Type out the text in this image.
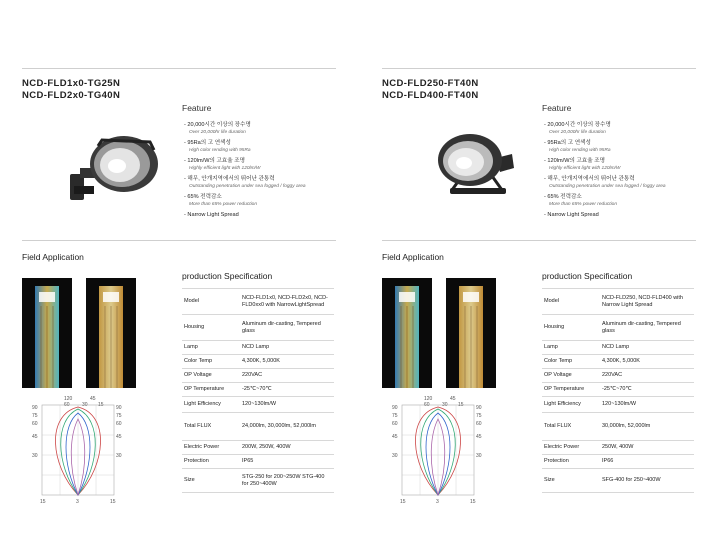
NCD-FLD1x0-TG25N
NCD-FLD2x0-TG40N
Feature
- 20,000시간 이상의 장수명
Over 20,000hr life duration
- 95Ra의 고 연색성
High color rending with 95Ra
- 120lm/W의 고효율 조명
Highly efficient light with 120lm/W
- 해무, 안개지역에서의 뛰어난 관통력
Outstanding penetration under sea fogged / foggy area
- 65% 전력감소
More than 65% power reduction
- Narrow Light Spread
Field Application
120	45
60 30 15
90
75
60
45
30
90
75
60
45
30
15	3	15
production Specification
Model	NCD-FLD1x0, NCD-FLD2x0, NCD-FLD0xx0 with NarrowLightSpread
Housing	Aluminum dir-casting, Tempered glass
Lamp	NCD Lamp
Color Temp	4,300K, 5,000K
OP Voltage	220VAC
OP Temperature	-25℃~70℃
Light Efficiency	120~130lm/W
Total FLUX	24,000lm, 30,000lm, 52,000lm
Electric Power	200W, 250W, 400W
Protection	IP65
Size	STG-250 for 200~250W STG-400 for 250~400W
NCD-FLD250-FT40N
NCD-FLD400-FT40N
Feature
- 20,000시간 이상의 장수명
Over 20,000hr life duration
- 95Ra의 고 연색성
High color rending with 95Ra
- 120lm/W의 고효율 조명
Highly efficient light with 120lm/W
- 해무, 안개지역에서의 뛰어난 관통력
Outstanding penetration under sea fogged / foggy area
- 65% 전력감소
More than 65% power reduction
- Narrow Light Spread
Field Application
120	45
60 30 15
90
75
60
45
30
90
75
60
45
30
15	3	15
production Specification
Model	NCD-FLD250, NCD-FLD400 with Narrow Light Spread
Housing	Aluminum dir-casting, Tempered glass
Lamp	NCD Lamp
Color Temp	4,300K, 5,000K
OP Voltage	220VAC
OP Temperature	-25℃~70℃
Light Efficiency	120~130lm/W
Total FLUX	30,000lm, 52,000lm
Electric Power	250W, 400W
Protection	IP66
Size	SFG-400 for 250~400W
